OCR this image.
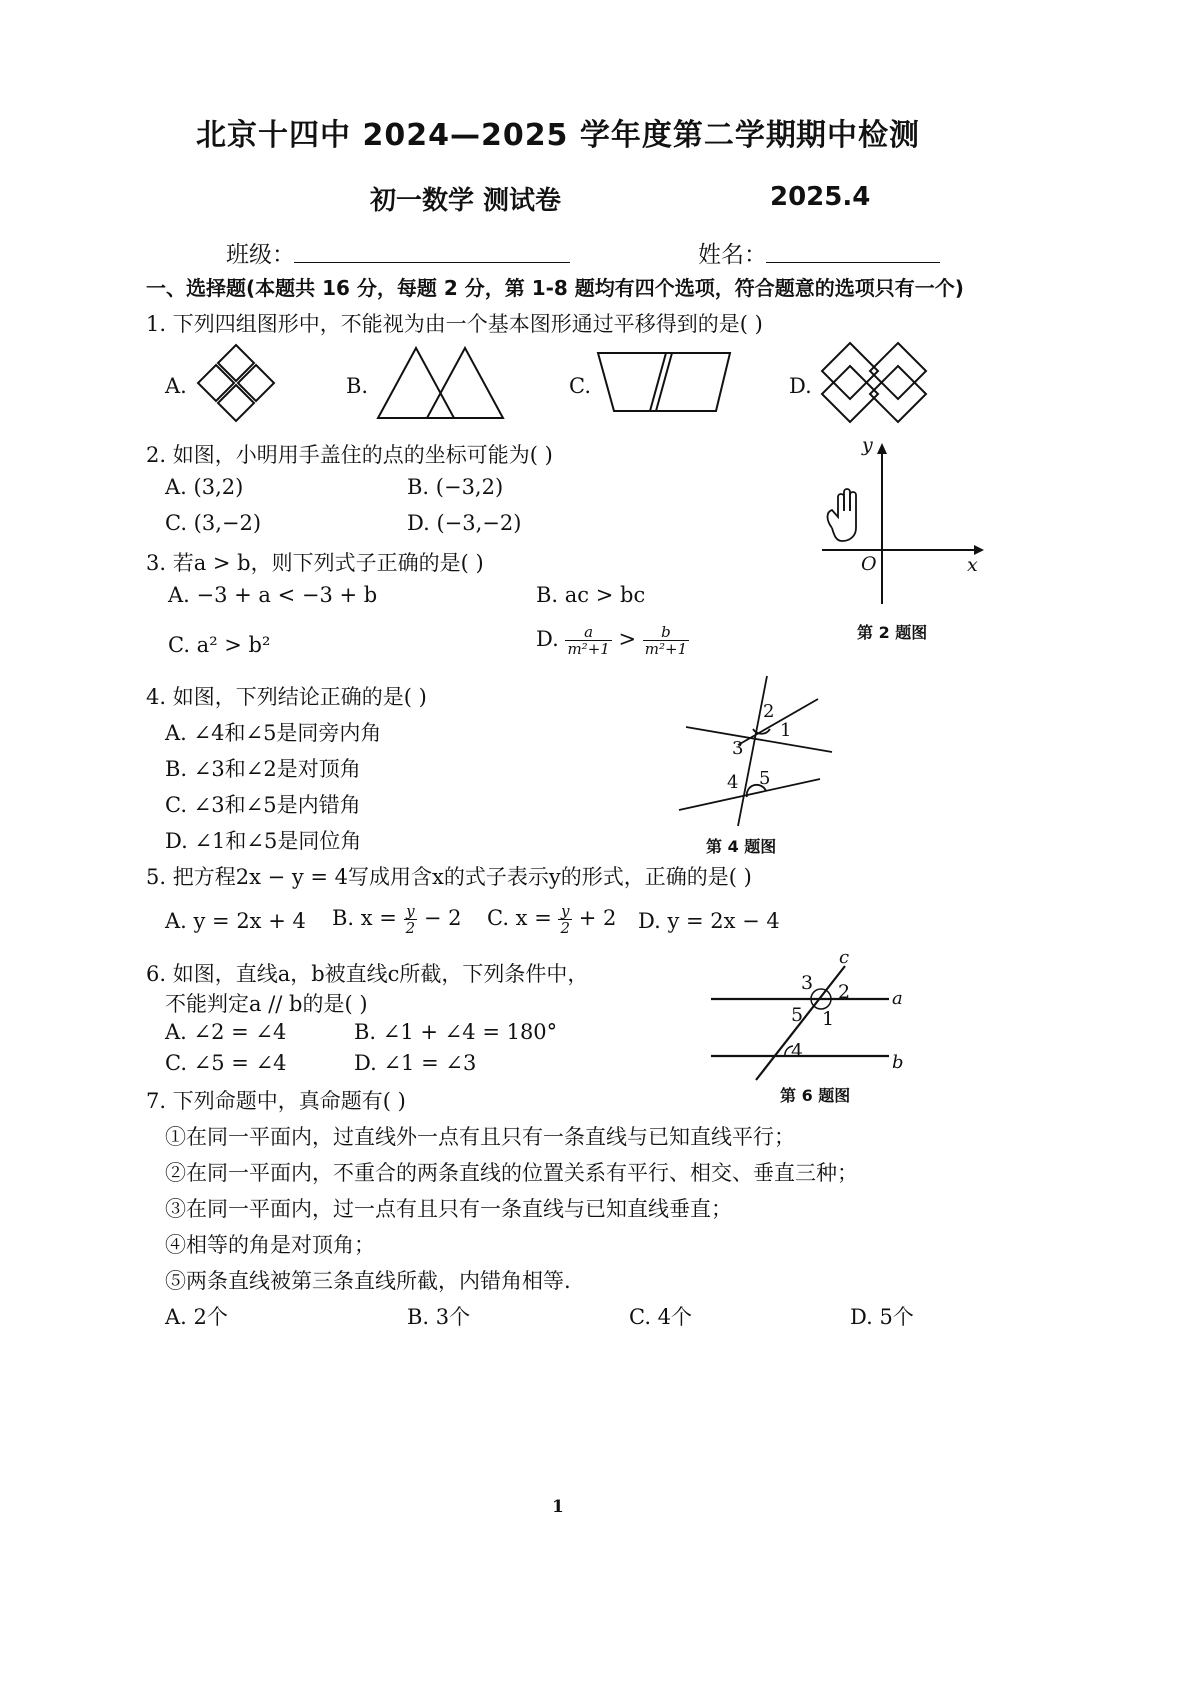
北京十四中 2024—2025 学年度第二学期 期中检测
初一数学 测试卷	2025.4
班级：	姓名：
一、选择题(本题共 16 分，每题 2 分，第 1-8 题均有四个选项，符合题意的选项只有一个)
1. 下列四组图形中，不能视为由一个基本图形通过平移得到的是( )
A.	B.	C.	D.
2. 如图，小明用手盖住的点的坐标可能为( )
A. (3,2)	B. (−3,2)
C. (3,−2)	D. (−3,−2)
y
x
O
第 2 题图
3. 若a > b，则下列式子正确的是( )
A. −3 + a < −3 + b	B. ac > bc
C. a² > b²	D. $\frac{a}{\text{m²+1}} > \frac{b}{\text{m²+1}}$
4. 如图，下列结论正确的是( )
A. ∠4和∠5是同旁内角
B. ∠3和∠2是对顶角
C. ∠3和∠5是内错角
D. ∠1和∠5是同位角
2
1
3
4 5
第 4 题图
5. 把方程2x − y = 4写成用含x的式子表示y的形式，正确的是( )
A. y = 2x + 4 B. $x = \frac{y}{2} - 2$ C. $x = \frac{y}{2} + 2$ D. y = 2x − 4
6. 如图，直线a，b被直线c所截，下列条件中，
不能判定a // b的是( )
A. ∠2 = ∠4	B. ∠1 + ∠4 = 180°
C. ∠5 = ∠4	D. ∠1 = ∠3
c
a
b
3 2
5 1
4
第 6 题图
7. 下列命题中，真命题有( )
①在同一平面内，过直线外一点有且只有一条直线与已知直线平行；
②在同一平面内，不重合的两条直线的位置关系有平行、相交、垂直三种；
③在同一平面内，过一点有且只有一条直线与已知直线垂直；
④相等的角是对顶角；
⑤两条直线被第三条直线所截，内错角相等.
A. 2个	B. 3个	C. 4个	D. 5个
1
